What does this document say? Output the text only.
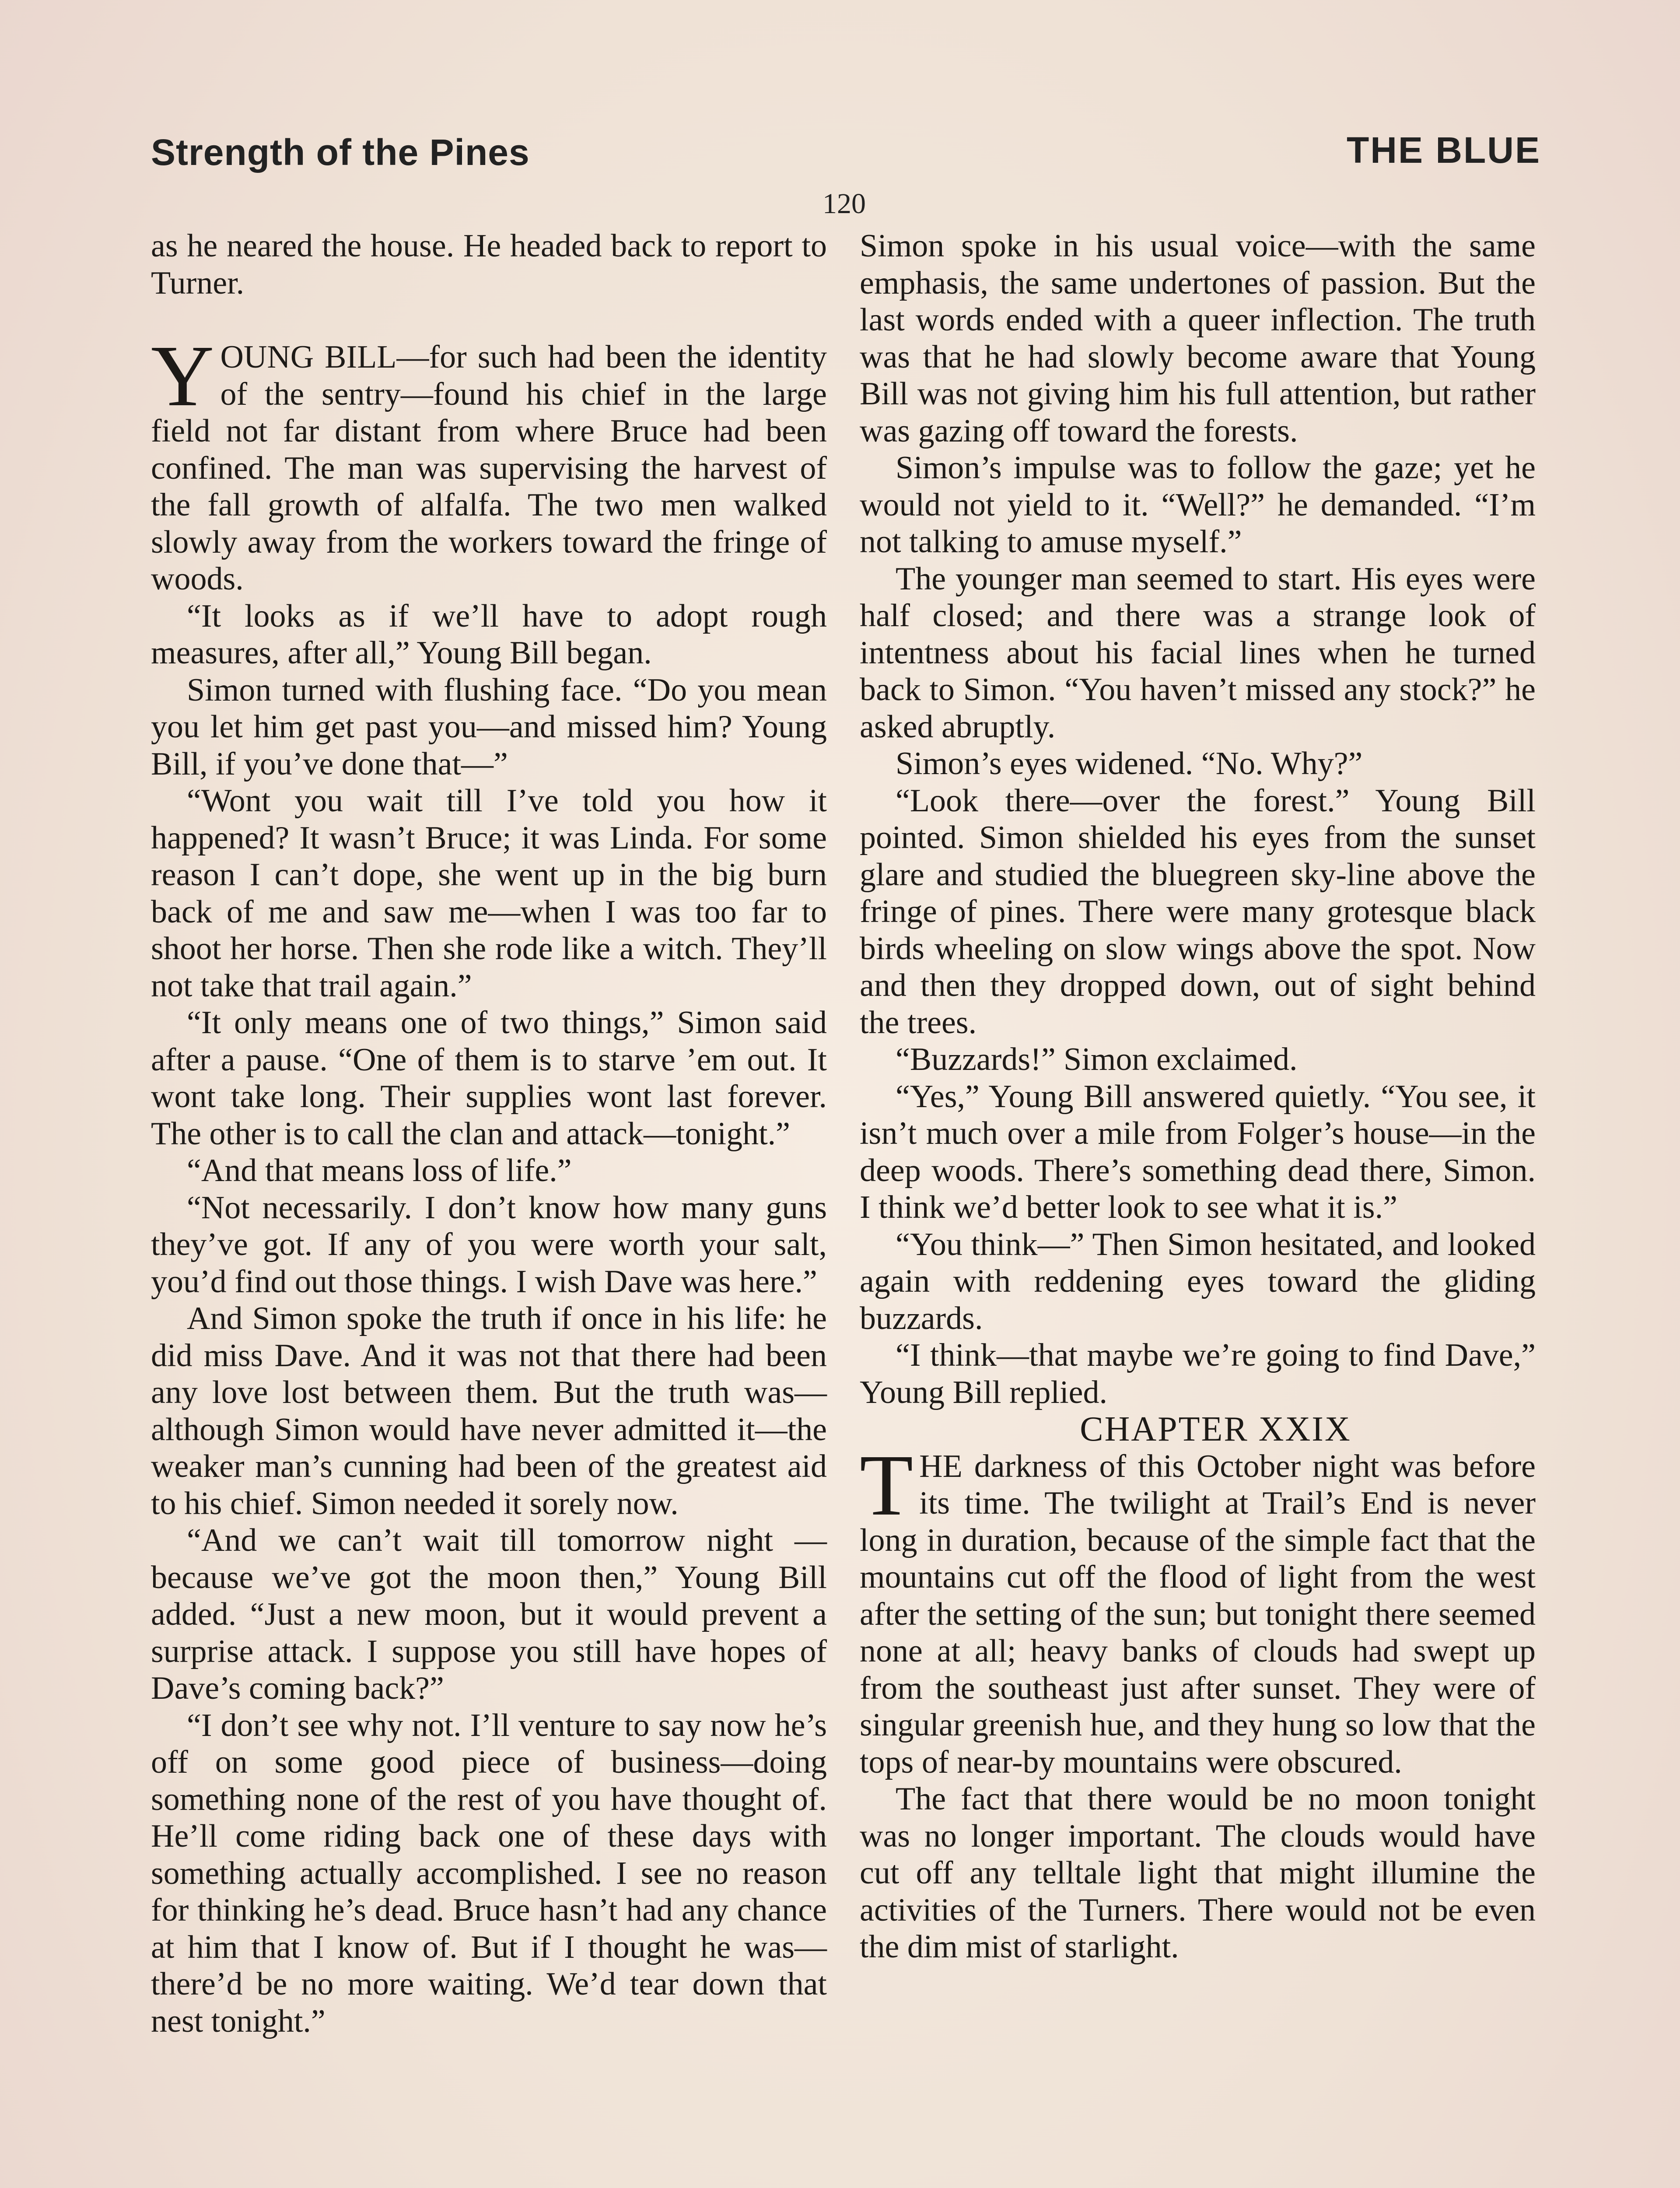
Strength of the Pines	THE BLUE
120

as he neared the house. He headed back to report to Turner.

YOUNG BILL—for such had been the identity of the sentry—found his chief in the large field not far distant from where Bruce had been confined. The man was supervising the harvest of the fall growth of alfalfa. The two men walked slowly away from the workers toward the fringe of woods.

“It looks as if we’ll have to adopt rough measures, after all,” Young Bill began.

Simon turned with flushing face. “Do you mean you let him get past you—and missed him? Young Bill, if you’ve done that—”

“Wont you wait till I’ve told you how it happened? It wasn’t Bruce; it was Linda. For some reason I can’t dope, she went up in the big burn back of me and saw me—when I was too far to shoot her horse. Then she rode like a witch. They’ll not take that trail again.”

“It only means one of two things,” Simon said after a pause. “One of them is to starve ’em out. It wont take long. Their supplies wont last forever. The other is to call the clan and attack—tonight.”

“And that means loss of life.”

“Not necessarily. I don’t know how many guns they’ve got. If any of you were worth your salt, you’d find out those things. I wish Dave was here.”

And Simon spoke the truth if once in his life: he did miss Dave. And it was not that there had been any love lost between them. But the truth was—although Simon would have never admitted it—the weaker man’s cunning had been of the greatest aid to his chief. Simon needed it sorely now.

“And we can’t wait till tomorrow night —because we’ve got the moon then,” Young Bill added. “Just a new moon, but it would prevent a surprise attack. I suppose you still have hopes of Dave’s coming back?”

“I don’t see why not. I’ll venture to say now he’s off on some good piece of business—doing something none of the rest of you have thought of. He’ll come riding back one of these days with something actually accomplished. I see no reason for thinking he’s dead. Bruce hasn’t had any chance at him that I know of. But if I thought he was—there’d be no more waiting. We’d tear down that nest tonight.”

Simon spoke in his usual voice—with the same emphasis, the same undertones of passion. But the last words ended with a queer inflection. The truth was that he had slowly become aware that Young Bill was not giving him his full attention, but rather was gazing off toward the forests.

Simon’s impulse was to follow the gaze; yet he would not yield to it. “Well?” he demanded. “I’m not talking to amuse myself.”

The younger man seemed to start. His eyes were half closed; and there was a strange look of intentness about his facial lines when he turned back to Simon. “You haven’t missed any stock?” he asked abruptly.

Simon’s eyes widened. “No. Why?”

“Look there—over the forest.” Young Bill pointed. Simon shielded his eyes from the sunset glare and studied the bluegreen sky-line above the fringe of pines. There were many grotesque black birds wheeling on slow wings above the spot. Now and then they dropped down, out of sight behind the trees.

“Buzzards!” Simon exclaimed.

“Yes,” Young Bill answered quietly. “You see, it isn’t much over a mile from Folger’s house—in the deep woods. There’s something dead there, Simon. I think we’d better look to see what it is.”

“You think—” Then Simon hesitated, and looked again with reddening eyes toward the gliding buzzards.

“I think—that maybe we’re going to find Dave,” Young Bill replied.

CHAPTER XXIX

THE darkness of this October night was before its time. The twilight at Trail’s End is never long in duration, because of the simple fact that the mountains cut off the flood of light from the west after the setting of the sun; but tonight there seemed none at all; heavy banks of clouds had swept up from the southeast just after sunset. They were of singular greenish hue, and they hung so low that the tops of near-by mountains were obscured.

The fact that there would be no moon tonight was no longer important. The clouds would have cut off any telltale light that might illumine the activities of the Turners. There would not be even the dim mist of starlight.
